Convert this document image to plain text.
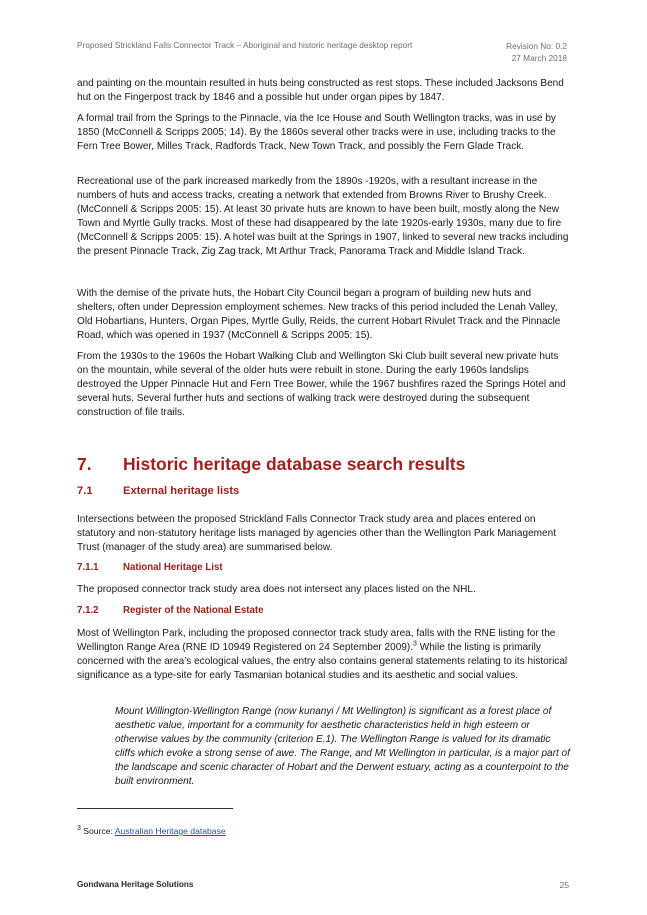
Proposed Strickland Falls Connector Track – Aboriginal and historic heritage desktop report	Revision No: 0.2
27 March 2018

and painting on the mountain resulted in huts being constructed as rest stops. These included Jacksons Bend hut on the Fingerpost track by 1846 and a possible hut under organ pipes by 1847.

A formal trail from the Springs to the Pinnacle, via the Ice House and South Wellington tracks, was in use by 1850 (McConnell & Scripps 2005; 14). By the 1860s several other tracks were in use, including tracks to the Fern Tree Bower, Milles Track, Radfords Track, New Town Track, and possibly the Fern Glade Track.

Recreational use of the park increased markedly from the 1890s -1920s, with a resultant increase in the numbers of huts and access tracks, creating a network that extended from Browns River to Brushy Creek. (McConnell & Scripps 2005: 15). At least 30 private huts are known to have been built, mostly along the New Town and Myrtle Gully tracks. Most of these had disappeared by the late 1920s-early 1930s, many due to fire (McConnell & Scripps 2005: 15). A hotel was built at the Springs in 1907, linked to several new tracks including the present Pinnacle Track, Zig Zag track, Mt Arthur Track, Panorama Track and Middle Island Track.

With the demise of the private huts, the Hobart City Council began a program of building new huts and shelters, often under Depression employment schemes. New tracks of this period included the Lenah Valley, Old Hobartians, Hunters, Organ Pipes, Myrtle Gully, Reids, the current Hobart Rivulet Track and the Pinnacle Road, which was opened in 1937 (McConnell & Scripps 2005: 15).

From the 1930s to the 1960s the Hobart Walking Club and Wellington Ski Club built several new private huts on the mountain, while several of the older huts were rebuilt in stone. During the early 1960s landslips destroyed the Upper Pinnacle Hut and Fern Tree Bower, while the 1967 bushfires razed the Springs Hotel and several huts. Several further huts and sections of walking track were destroyed during the subsequent construction of file trails.

7. Historic heritage database search results
7.1	External heritage lists

Intersections between the proposed Strickland Falls Connector Track study area and places entered on statutory and non-statutory heritage lists managed by agencies other than the Wellington Park Management Trust (manager of the study area) are summarised below.

7.1.1	National Heritage List

The proposed connector track study area does not intersect any places listed on the NHL.

7.1.2	Register of the National Estate

Most of Wellington Park, including the proposed connector track study area, falls with the RNE listing for the Wellington Range Area (RNE ID 10949 Registered on 24 September 2009).$^3$ While the listing is primarily concerned with the area’s ecological values, the entry also contains general statements relating to its historical significance as a type-site for early Tasmanian botanical studies and its aesthetic and social values.

Mount Willington-Wellington Range (now kunanyi / Mt Wellington) is significant as a forest place of aesthetic value, important for a community for aesthetic characteristics held in high esteem or otherwise values by the community (criterion E.1). The Wellington Range is valued for its dramatic cliffs which evoke a strong sense of awe. The Range, and Mt Wellington in particular, is a major part of the landscape and scenic character of Hobart and the Derwent estuary, acting as a counterpoint to the built environment.
$^3$ Source: Australian Heritage database
Gondwana Heritage Solutions	25
